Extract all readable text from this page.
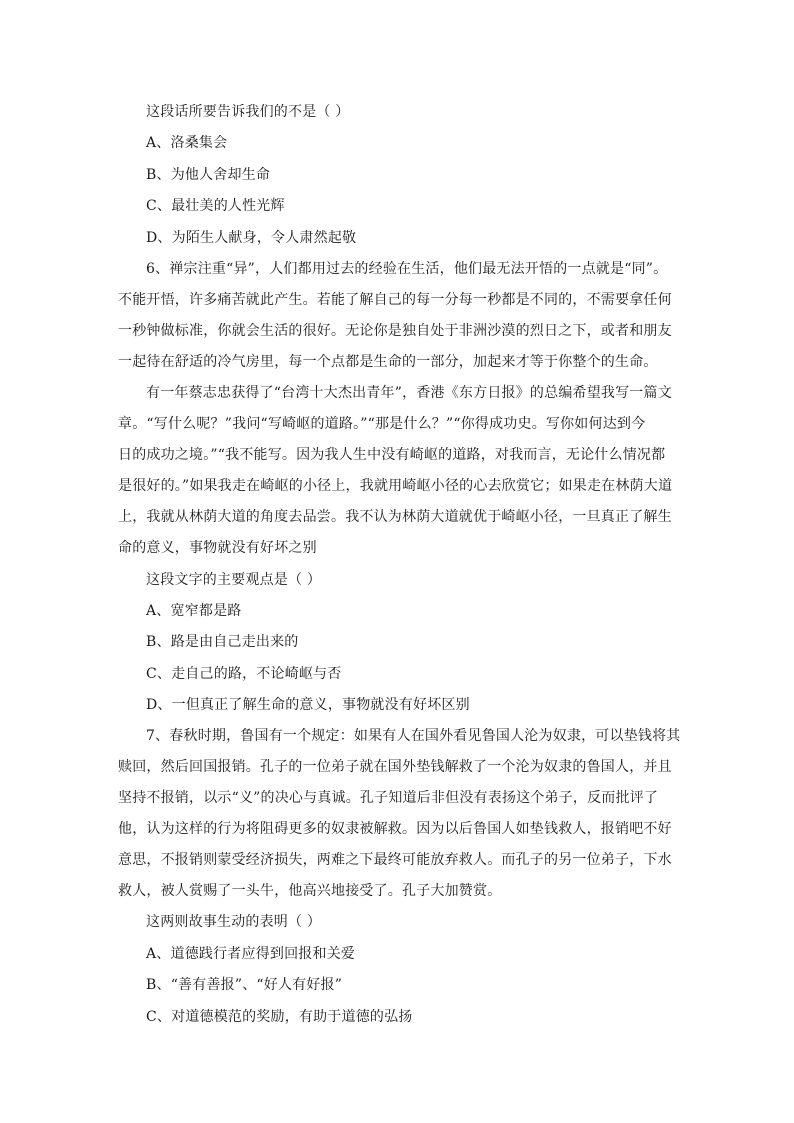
这段话所要告诉我们的不是（ ）
A、洛桑集会
B、为他人舍却生命
C、最壮美的人性光辉
D、为陌生人献身，令人肃然起敬
6、禅宗注重“异”，人们都用过去的经验在生活，他们最无法开悟的一点就是“同”。
不能开悟，许多痛苦就此产生。若能了解自己的每一分每一秒都是不同的，不需要拿任何
一秒钟做标准，你就会生活的很好。无论你是独自处于非洲沙漠的烈日之下，或者和朋友
一起待在舒适的冷气房里，每一个点都是生命的一部分，加起来才等于你整个的生命。
有一年蔡志忠获得了“台湾十大杰出青年”，香港《东方日报》的总编希望我写一篇文
章。“写什么呢？”我问“写崎岖的道路。”“那是什么？”“你得成功史。写你如何达到今
日的成功之境。”“我不能写。因为我人生中没有崎岖的道路，对我而言，无论什么情况都
是很好的。”如果我走在崎岖的小径上，我就用崎岖小径的心去欣赏它；如果走在林荫大道
上，我就从林荫大道的角度去品尝。我不认为林荫大道就优于崎岖小径，一旦真正了解生
命的意义，事物就没有好坏之别
这段文字的主要观点是（ ）
A、宽窄都是路
B、路是由自己走出来的
C、走自己的路，不论崎岖与否
D、一但真正了解生命的意义，事物就没有好坏区别
7、春秋时期，鲁国有一个规定：如果有人在国外看见鲁国人沦为奴隶，可以垫钱将其
赎回，然后回国报销。孔子的一位弟子就在国外垫钱解救了一个沦为奴隶的鲁国人，并且
坚持不报销，以示“义”的决心与真诚。孔子知道后非但没有表扬这个弟子，反而批评了
他，认为这样的行为将阻碍更多的奴隶被解救。因为以后鲁国人如垫钱救人，报销吧不好
意思，不报销则蒙受经济损失，两难之下最终可能放弃救人。而孔子的另一位弟子，下水
救人，被人赏赐了一头牛，他高兴地接受了。孔子大加赞赏。
这两则故事生动的表明（ ）
A、道德践行者应得到回报和关爱
B、“善有善报”、“好人有好报”
C、对道德模范的奖励，有助于道德的弘扬
